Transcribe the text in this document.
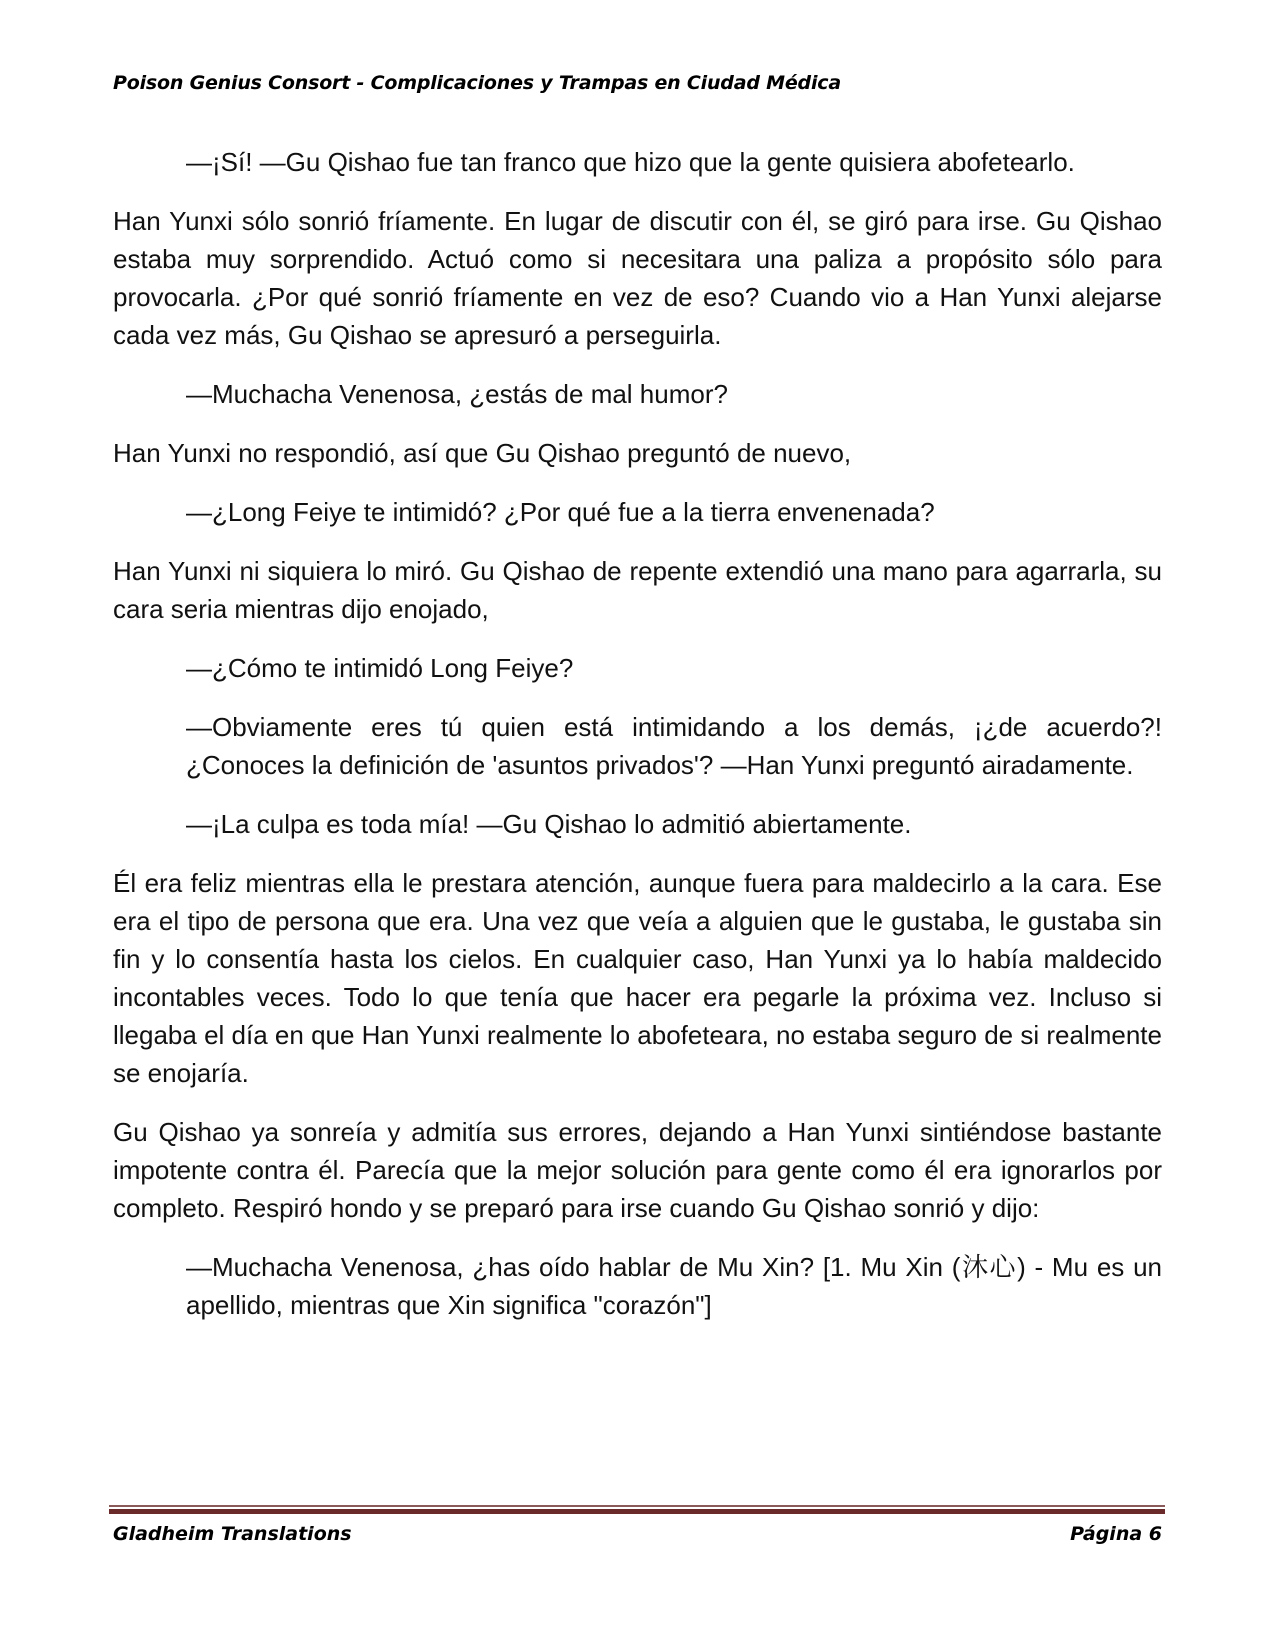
Poison Genius Consort - Complicaciones y Trampas en Ciudad Médica

—¡Sí! —Gu Qishao fue tan franco que hizo que la gente quisiera abofetearlo.

Han Yunxi sólo sonrió fríamente. En lugar de discutir con él, se giró para irse. Gu Qishao estaba muy sorprendido. Actuó como si necesitara una paliza a propósito sólo para provocarla. ¿Por qué sonrió fríamente en vez de eso? Cuando vio a Han Yunxi alejarse cada vez más, Gu Qishao se apresuró a perseguirla.

—Muchacha Venenosa, ¿estás de mal humor?

Han Yunxi no respondió, así que Gu Qishao preguntó de nuevo,

—¿Long Feiye te intimidó? ¿Por qué fue a la tierra envenenada?

Han Yunxi ni siquiera lo miró. Gu Qishao de repente extendió una mano para agarrarla, su cara seria mientras dijo enojado,

—¿Cómo te intimidó Long Feiye?

—Obviamente eres tú quien está intimidando a los demás, ¡¿de acuerdo?! ¿Conoces la definición de 'asuntos privados'? —Han Yunxi preguntó airadamente.

—¡La culpa es toda mía! —Gu Qishao lo admitió abiertamente.

Él era feliz mientras ella le prestara atención, aunque fuera para maldecirlo a la cara. Ese era el tipo de persona que era. Una vez que veía a alguien que le gustaba, le gustaba sin fin y lo consentía hasta los cielos. En cualquier caso, Han Yunxi ya lo había maldecido incontables veces. Todo lo que tenía que hacer era pegarle la próxima vez. Incluso si llegaba el día en que Han Yunxi realmente lo abofeteara, no estaba seguro de si realmente se enojaría.

Gu Qishao ya sonreía y admitía sus errores, dejando a Han Yunxi sintiéndose bastante impotente contra él. Parecía que la mejor solución para gente como él era ignorarlos por completo. Respiró hondo y se preparó para irse cuando Gu Qishao sonrió y dijo:

—Muchacha Venenosa, ¿has oído hablar de Mu Xin? [1. Mu Xin (沐心) - Mu es un apellido, mientras que Xin significa "corazón"]

Gladheim Translations	Página 6
